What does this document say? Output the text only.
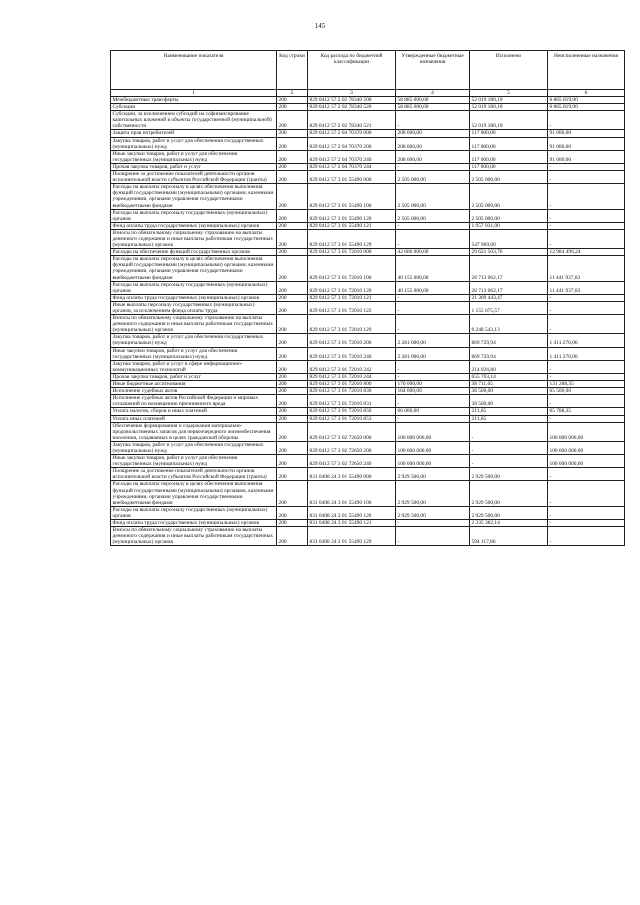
145
Наименование показателя	Код строки	Код расхода по бюджетной классификации	Утвержденные бюджетные назначения	Исполнено	Неисполненные назначения
1	2	3	4	5	6
Межбюджетные трансферты	200	829 0412 57 2 02 78340 500	58 885 000,00	52 019 180,10	6 865 819,90
Субсидии	200	829 0412 57 2 02 78340 520	58 885 000,00	52 019 180,10	6 865 819,90
Субсидии, за исключением субсидий на софинансирование капитальных вложений в объекты государственной (муниципальной) собственности	200	829 0412 57 2 02 78340 521	-	52 019 180,10	-
Защита прав потребителей	200	829 0412 57 2 04 70370 000	208 000,00	117 000,00	91 000,00
Закупка товаров, работ и услуг для обеспечения государственных (муниципальных) нужд	200	829 0412 57 2 04 70370 200	208 000,00	117 000,00	91 000,00
Иные закупки товаров, работ и услуг для обеспечения государственных (муниципальных) нужд	200	829 0412 57 2 04 70370 240	208 000,00	117 000,00	91 000,00
Прочая закупка товаров, работ и услуг	200	829 0412 57 2 04 70370 244	-	117 000,00	-
Поощрение за достижение показателей деятельности органов исполнительной власти субъектов Российской Федерации (гранты)	200	829 0412 57 3 01 55490 000	2 505 000,00	2 505 000,00	-
Расходы на выплаты персоналу в целях обеспечения выполнения функций государственными (муниципальными) органами, казенными учреждениями, органами управления государственными внебюджетными фондами	200	829 0412 57 3 01 55490 100	2 505 000,00	2 505 000,00	-
Расходы на выплаты персоналу государственных (муниципальных) органов	200	829 0412 57 3 01 55490 120	2 505 000,00	2 505 000,00	-
Фонд оплаты труда государственных (муниципальных) органов	200	829 0412 57 3 01 55490 121	-	1 957 031,00	-
Взносы по обязательному социальному страхованию на выплаты денежного содержания и иные выплаты работникам государственных (муниципальных) органов	200	829 0412 57 3 01 55490 129	-	547 969,00	-
Расходы на обеспечение функций государственных органов	200	829 0412 57 3 01 72010 000	42 606 000,00	29 621 503,76	12 984 496,24
Расходы на выплаты персоналу в целях обеспечения выполнения функций государственными (муниципальными) органами, казенными учреждениями, органами управления государственными внебюджетными фондами	200	829 0412 57 3 01 72010 100	40 155 000,00	28 713 062,17	11 441 937,83
Расходы на выплаты персоналу государственных (муниципальных) органов	200	829 0412 57 3 01 72010 120	40 155 000,00	28 713 062,17	11 441 937,83
Фонд оплаты труда государственных (муниципальных) органов	200	829 0412 57 3 01 72010 121	-	21 309 443,47	-
Иные выплаты персоналу государственных (муниципальных) органов, за исключением фонда оплаты труда	200	829 0412 57 3 01 72010 122	-	1 155 075,57	-
Взносы по обязательному социальному страхованию на выплаты денежного содержания и иные выплаты работникам государственных (муниципальных) органов	200	829 0412 57 3 01 72010 129	-	6 248 543,13	-
Закупка товаров, работ и услуг для обеспечения государственных (муниципальных) нужд	200	829 0412 57 3 01 72010 200	2 281 000,00	869 729,94	1 411 270,06
Иные закупки товаров, работ и услуг для обеспечения государственных (муниципальных) нужд	200	829 0412 57 3 01 72010 240	2 281 000,00	869 729,94	1 411 270,06
Закупка товаров, работ и услуг в сфере информационно-коммуникационных технологий	200	829 0412 57 3 01 72010 242	-	214 026,80	-
Прочая закупка товаров, работ и услуг	200	829 0412 57 3 01 72010 244	-	655 703,14	-
Иные бюджетные ассигнования	200	829 0412 57 3 01 72010 800	170 000,00	38 711,65	131 288,35
Исполнение судебных актов	200	829 0412 57 3 01 72010 830	104 000,00	38 500,00	65 500,00
Исполнение судебных актов Российской Федерации и мировых соглашений по возмещению причиненного вреда	200	829 0412 57 3 01 72010 831	-	38 500,00	-
Уплата налогов, сборов и иных платежей	200	829 0412 57 3 01 72010 850	66 000,00	211,65	65 788,35
Уплата иных платежей	200	829 0412 57 3 01 72010 853	-	211,65	-
Обеспечение формирования и содержания материально-продовольственных запасов для первоочередного жизнеобеспечения населения, создаваемых в целях гражданской обороны	200	829 0412 57 3 02 72650 000	100 000 000,00	-	100 000 000,00
Закупка товаров, работ и услуг для обеспечения государственных (муниципальных) нужд	200	829 0412 57 3 02 72650 200	100 000 000,00	-	100 000 000,00
Иные закупки товаров, работ и услуг для обеспечения государственных (муниципальных) нужд	200	829 0412 57 3 02 72650 240	100 000 000,00	-	100 000 000,00
Поощрение за достижение показателей деятельности органов исполнительной власти субъектов Российской Федерации (гранты)	200	831 0408 24 3 01 55490 000	2 929 500,00	2 929 500,00	-
Расходы на выплаты персоналу в целях обеспечения выполнения функций государственными (муниципальными) органами, казенными учреждениями, органами управления государственными внебюджетными фондами	200	831 0408 24 3 01 55490 100	2 929 500,00	2 929 500,00	-
Расходы на выплаты персоналу государственных (муниципальных) органов	200	831 0408 24 3 01 55490 120	2 929 500,00	2 929 500,00	-
Фонд оплаты труда государственных (муниципальных) органов	200	831 0408 24 3 01 55490 121	-	2 335 382,14	-
Взносы по обязательному социальному страхованию на выплаты денежного содержания и иные выплаты работникам государственных (муниципальных) органов	200	831 0408 24 3 01 55490 129	-	594 117,86	-
